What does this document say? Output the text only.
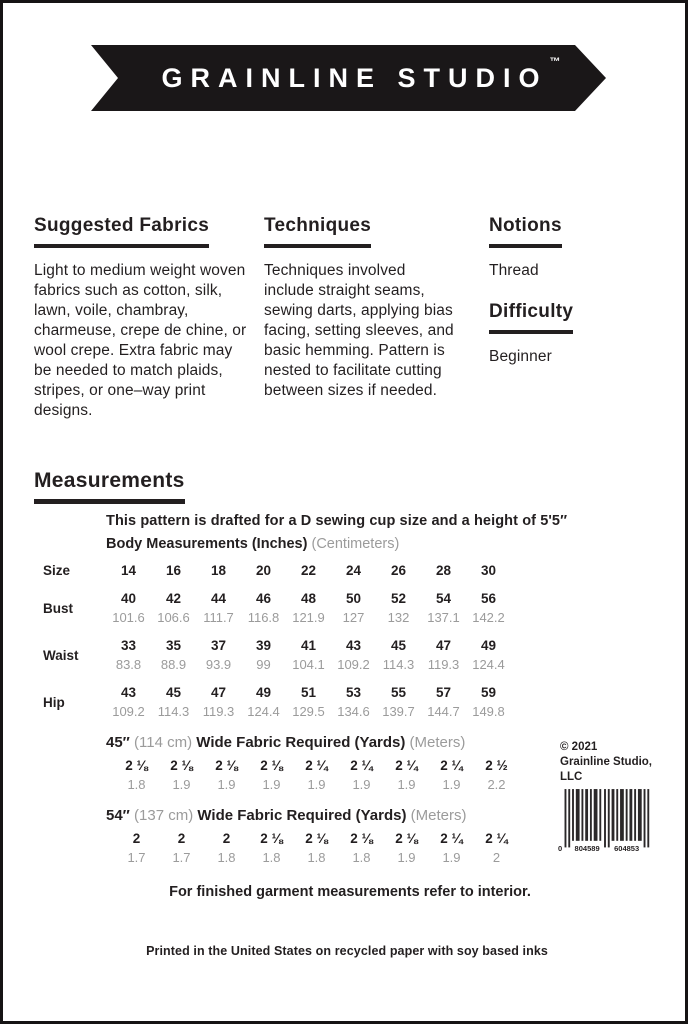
GRAINLINE STUDIO
™
Suggested Fabrics

Light to medium weight woven fabrics such as cotton, silk, lawn, voile, chambray, charmeuse, crepe de chine, or wool crepe. Extra fabric may be needed to match plaids, stripes, or one–way print designs.

Techniques

Techniques involved include straight seams, sewing darts, applying bias facing, setting sleeves, and basic hemming. Pattern is nested to facilitate cutting between sizes if needed.

Notions

Thread

Difficulty

Beginner

Measurements
This pattern is drafted for a D sewing cup size and a height of 5'5″
Body Measurements (Inches) (Centimeters)
Size	14	16	18	20	22	24	26	28	30
Bust
40	42	44	46	48	50	52	54	56
101.6 106.6	111.7	116.8 121.9	127	132	137.1 142.2
Waist
33	35	37	39	41	43	45	47	49
83.8	88.9	93.9	99	104.1 109.2 114.3	119.3 124.4
Hip
43	45	47	49	51	53	55	57	59
109.2 114.3	119.3 124.4 129.5 134.6 139.7 144.7 149.8
45″ (114 cm) Wide Fabric Required (Yards) (Meters)
2 ⅛	2 ⅛	2 ⅛	2 ⅛	2 ¼	2 ¼	2 ¼	2 ¼	2 ½
1.8	1.9	1.9	1.9	1.9	1.9	1.9	1.9	2.2
54″ (137 cm) Wide Fabric Required (Yards) (Meters)
2	2	2	2 ⅛	2 ⅛	2 ⅛	2 ⅛	2 ¼	2 ¼
1.7	1.7	1.8	1.8	1.8	1.8	1.9	1.9	2
For finished garment measurements refer to interior.
© 2021
Grainline Studio,
LLC
0 804589 604853
Printed in the United States on recycled paper with soy based inks
